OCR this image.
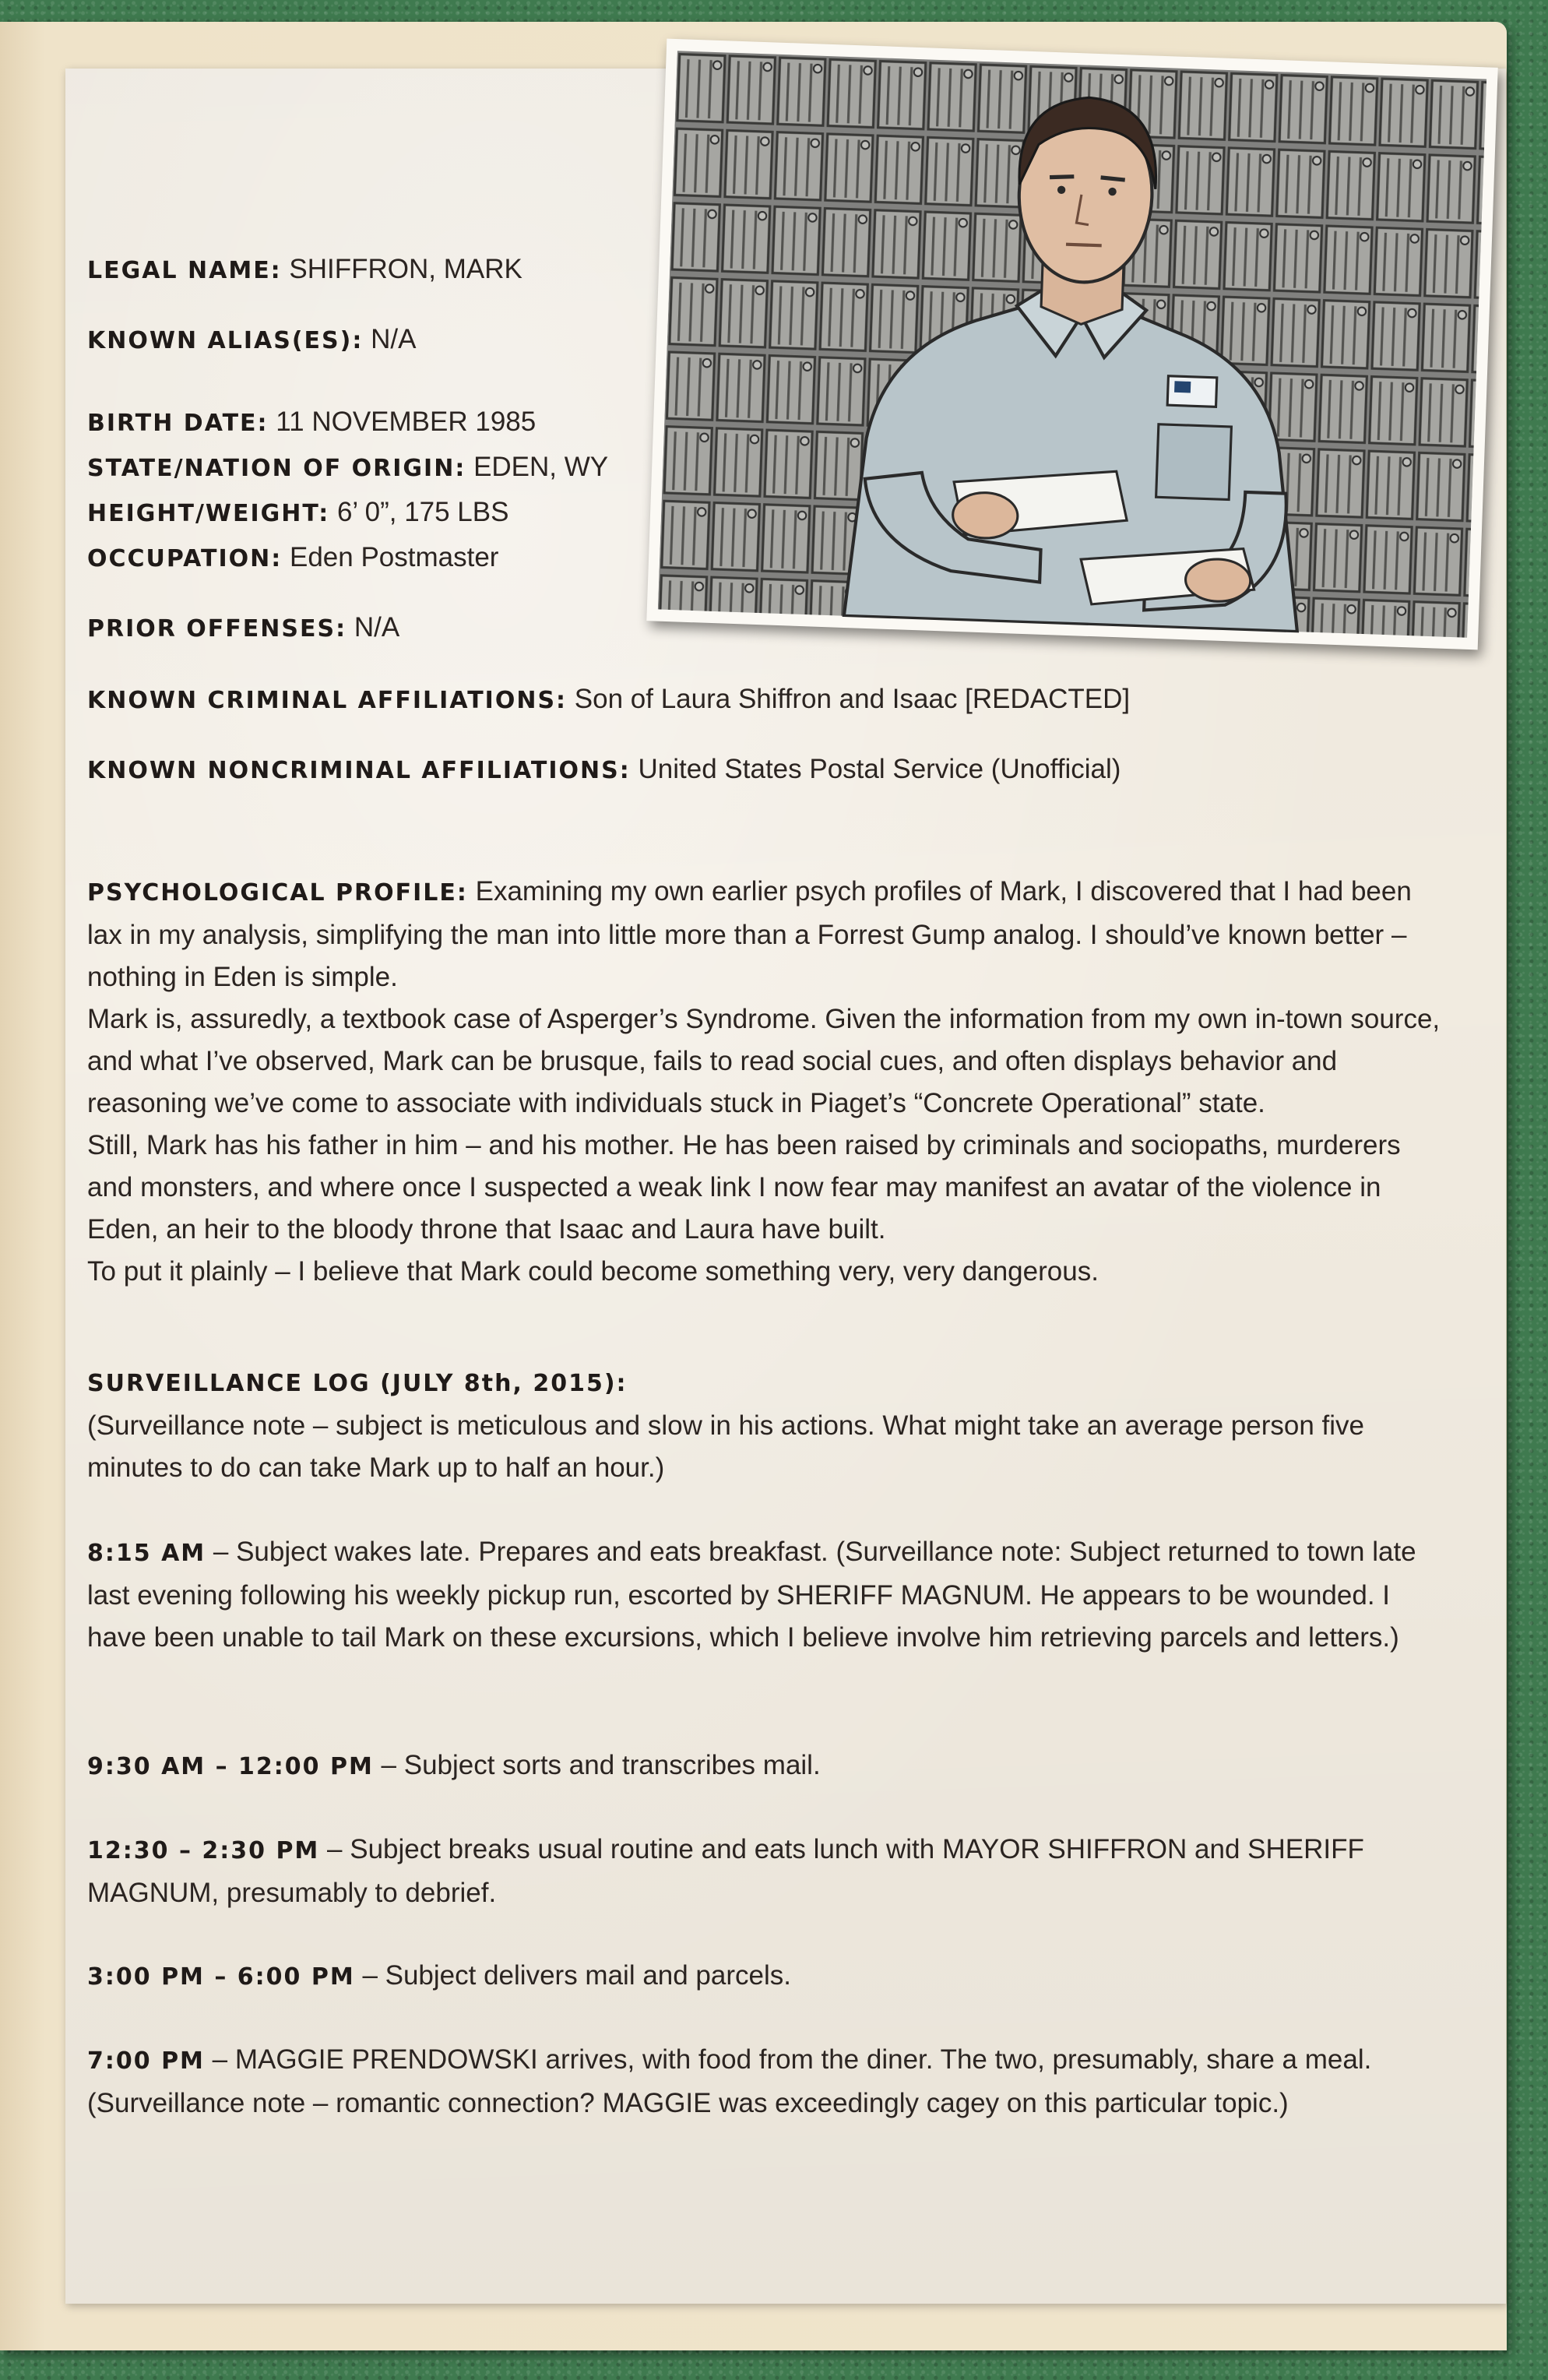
LEGAL NAME: SHIFFRON, MARK
KNOWN ALIAS(ES): N/A
BIRTH DATE: 11 NOVEMBER 1985
STATE/NATION OF ORIGIN: EDEN, WY
HEIGHT/WEIGHT: 6’ 0”, 175 LBS
OCCUPATION: Eden Postmaster
PRIOR OFFENSES: N/A
KNOWN CRIMINAL AFFILIATIONS: Son of Laura Shiffron and Isaac [REDACTED]
KNOWN NONCRIMINAL AFFILIATIONS: United States Postal Service (Unofficial)

PSYCHOLOGICAL PROFILE: Examining my own earlier psych profiles of Mark, I discovered that I had been lax in my analysis, simplifying the man into little more than a Forrest Gump analog. I should’ve known better – nothing in Eden is simple.

Mark is, assuredly, a textbook case of Asperger’s Syndrome. Given the information from my own in-town source, and what I’ve observed, Mark can be brusque, fails to read social cues, and often displays behavior and reasoning we’ve come to associate with individuals stuck in Piaget’s “Concrete Operational” state.

Still, Mark has his father in him – and his mother. He has been raised by criminals and sociopaths, murderers and monsters, and where once I suspected a weak link I now fear may manifest an avatar of the violence in Eden, an heir to the bloody throne that Isaac and Laura have built.

To put it plainly – I believe that Mark could become something very, very dangerous.

SURVEILLANCE LOG (JULY 8th, 2015):

(Surveillance note – subject is meticulous and slow in his actions. What might take an average person five minutes to do can take Mark up to half an hour.)

8:15 AM – Subject wakes late. Prepares and eats breakfast. (Surveillance note: Subject returned to town late last evening following his weekly pickup run, escorted by SHERIFF MAGNUM. He appears to be wounded. I have been unable to tail Mark on these excursions, which I believe involve him retrieving parcels and letters.)

9:30 AM – 12:00 PM – Subject sorts and transcribes mail.

12:30 – 2:30 PM – Subject breaks usual routine and eats lunch with MAYOR SHIFFRON and SHERIFF MAGNUM, presumably to debrief.

3:00 PM – 6:00 PM – Subject delivers mail and parcels.

7:00 PM – MAGGIE PRENDOWSKI arrives, with food from the diner. The two, presumably, share a meal. (Surveillance note – romantic connection? MAGGIE was exceedingly cagey on this particular topic.)
